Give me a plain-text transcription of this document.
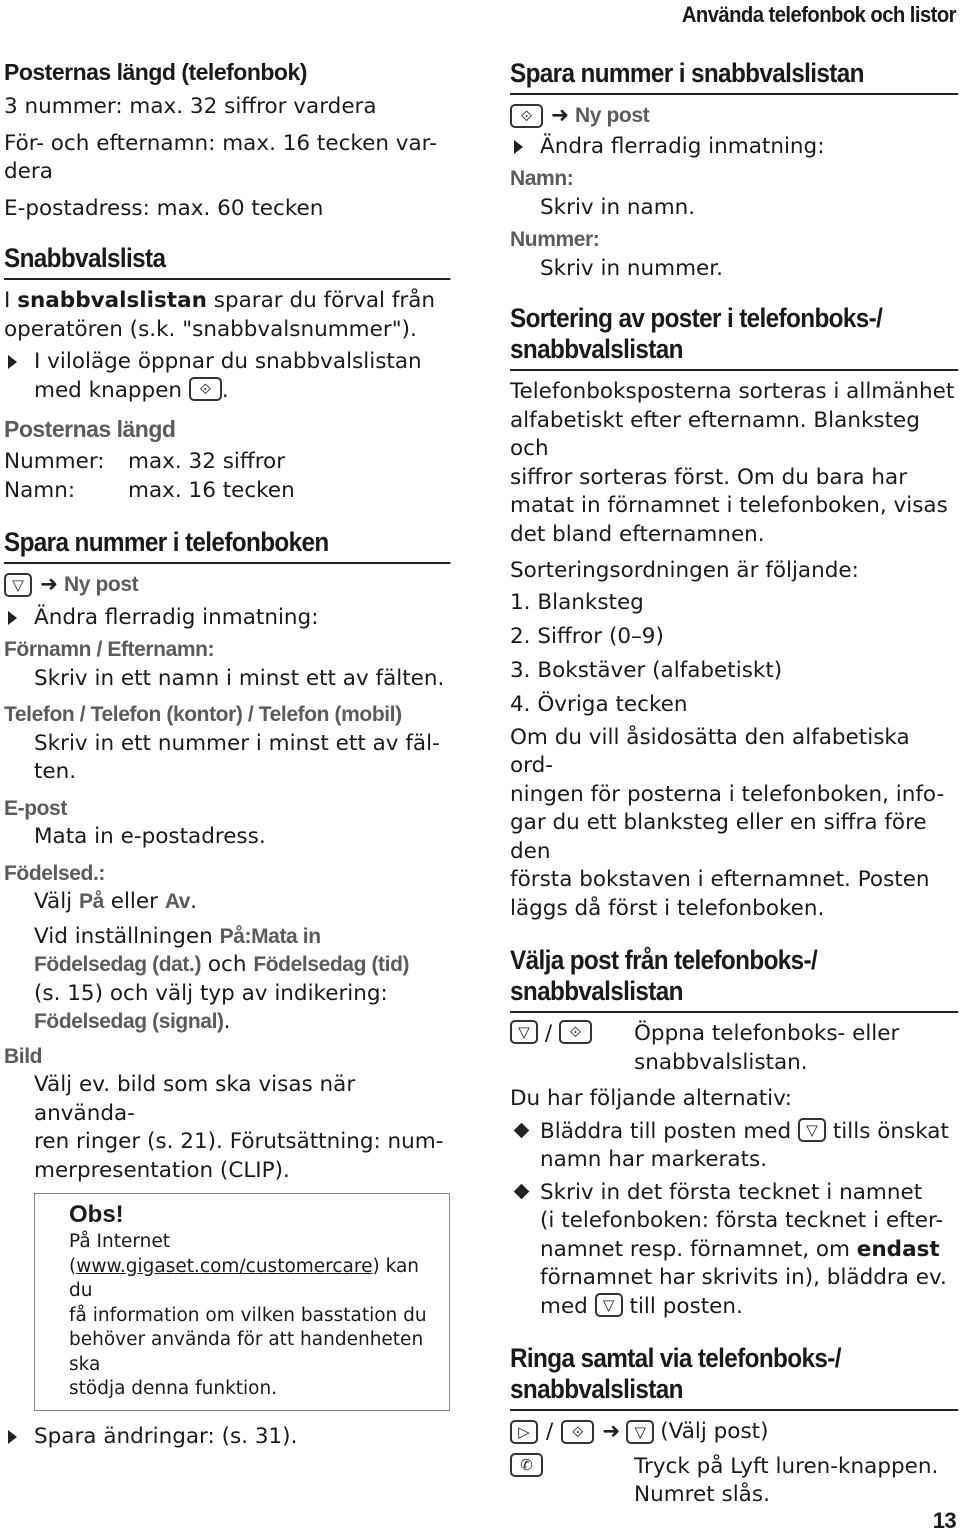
Använda telefonbok och listor
Posternas längd (telefonbok)
3 nummer: max. 32 siffror vardera
För- och efternamn: max. 16 tecken var-
dera
E-postadress: max. 60 tecken
Snabbvalslista
I snabbvalslistan sparar du förval från
operatören (s.k. "snabbvalsnummer").
I viloläge öppnar du snabbvalslistan
med knappen	⟐ .
Posternas längd
Nummer:	max. 32 siffror
Namn:	max. 16 tecken
Spara nummer i telefonboken
▽ ➜ Ny post
Ändra flerradig inmatning:
Förnamn / Efternamn:
Skriv in ett namn i minst ett av fälten.
Telefon / Telefon (kontor) / Telefon (mobil)
Skriv in ett nummer i minst ett av fäl-
ten.
E-post
Mata in e-postadress.
Födelsed.:
Välj På eller Av.
Vid inställningen På:Mata in
Födelsedag (dat.) och Födelsedag (tid)
(s. 15) och välj typ av indikering:
Födelsedag (signal).
Bild
Välj ev. bild som ska visas när använda-
ren ringer (s. 21). Förutsättning: num-
merpresentation (CLIP).
Obs!
På Internet
(www.gigaset.com/customercare) kan du
få information om vilken basstation du
behöver använda för att handenheten ska
stödja denna funktion.
Spara ändringar: (s. 31).
Spara nummer i snabbvalslistan
⟐ ➜ Ny post
Ändra flerradig inmatning:
Namn:
Skriv in namn.
Nummer:
Skriv in nummer.
Sortering av poster i telefonboks-/
snabbvalslistan
Telefonboksposterna sorteras i allmänhet
alfabetiskt efter efternamn. Blanksteg och
siffror sorteras först. Om du bara har
matat in förnamnet i telefonboken, visas
det bland efternamnen.
Sorteringsordningen är följande:
1. Blanksteg
2. Siffror (0–9)
3. Bokstäver (alfabetiskt)
4. Övriga tecken
Om du vill åsidosätta den alfabetiska ord-
ningen för posterna i telefonboken, info-
gar du ett blanksteg eller en siffra före den
första bokstaven i efternamnet. Posten
läggs då först i telefonboken.
Välja post från telefonboks-/
snabbvalslistan
▽ /	⟐	Öppna telefonboks- eller
snabbvalslistan.
Du har följande alternativ:
Bläddra till posten med	▽ tills önskat
namn har markerats.
Skriv in det första tecknet i namnet
(i telefonboken: första tecknet i efter-
namnet resp. förnamnet, om endast
förnamnet har skrivits in), bläddra ev.
med	▽ till posten.
Ringa samtal via telefonboks-/
snabbvalslistan
▷ /	⟐ ➜ ▽ (Välj post)
✆	Tryck på Lyft luren-knappen.
Numret slås.
13
